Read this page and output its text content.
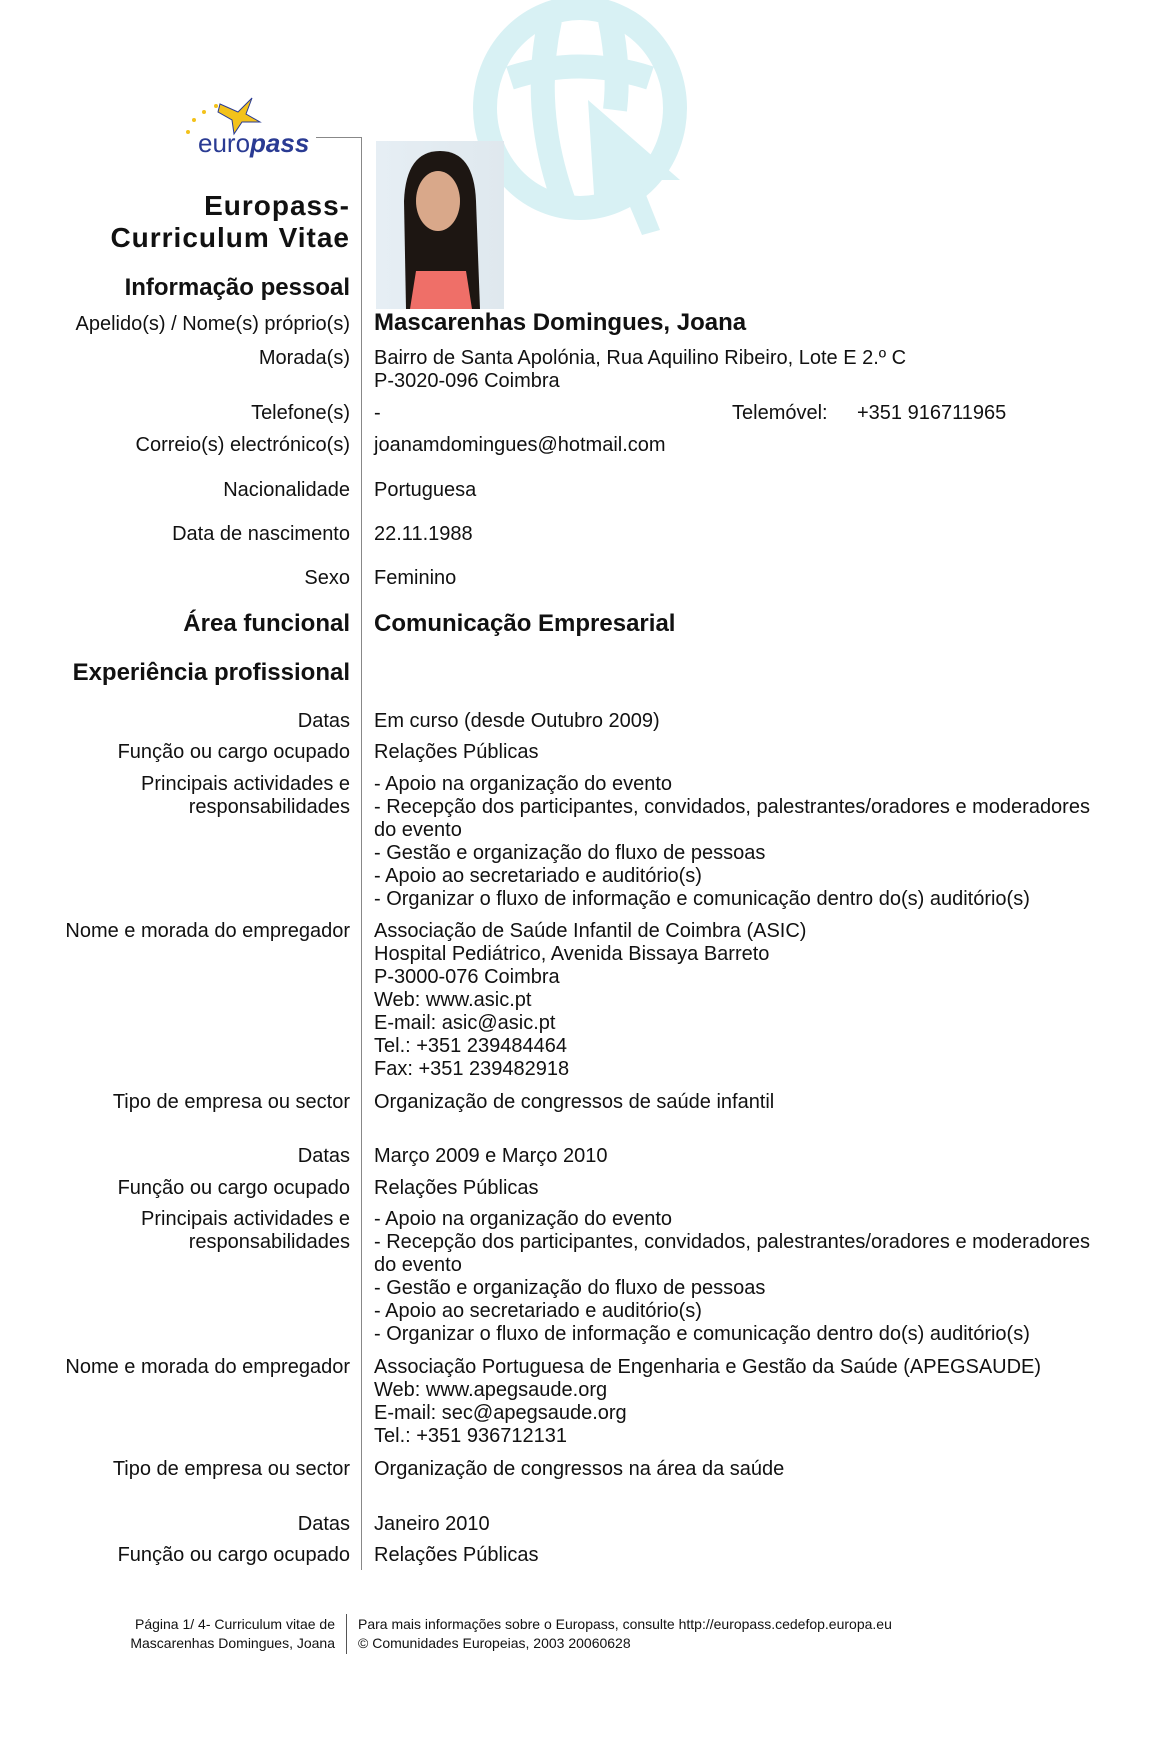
europass
Europass-
Curriculum Vitae
Informação pessoal
Apelido(s) / Nome(s) próprio(s) Mascarenhas Domingues, Joana
Morada(s) Bairro de Santa Apolónia, Rua Aquilino Ribeiro, Lote E 2.º C
P-3020-096 Coimbra
Telefone(s) -	Telemóvel: +351 916711965
Correio(s) electrónico(s) joanamdomingues@hotmail.com
Nacionalidade Portuguesa
Data de nascimento 22.11.1988
Sexo Feminino
Área funcional Comunicação Empresarial
Experiência profissional
Datas Em curso (desde Outubro 2009)
Função ou cargo ocupado Relações Públicas
Principais actividades e
responsabilidades
- Apoio na organização do evento
- Recepção dos participantes, convidados, palestrantes/oradores e moderadores
do evento
- Gestão e organização do fluxo de pessoas
- Apoio ao secretariado e auditório(s)
- Organizar o fluxo de informação e comunicação dentro do(s) auditório(s)
Nome e morada do empregador Associação de Saúde Infantil de Coimbra (ASIC)
Hospital Pediátrico, Avenida Bissaya Barreto
P-3000-076 Coimbra
Web: www.asic.pt
E-mail: asic@asic.pt
Tel.: +351 239484464
Fax: +351 239482918
Tipo de empresa ou sector Organização de congressos de saúde infantil
Datas Março 2009 e Março 2010
Função ou cargo ocupado Relações Públicas
Principais actividades e
responsabilidades
- Apoio na organização do evento
- Recepção dos participantes, convidados, palestrantes/oradores e moderadores
do evento
- Gestão e organização do fluxo de pessoas
- Apoio ao secretariado e auditório(s)
- Organizar o fluxo de informação e comunicação dentro do(s) auditório(s)
Nome e morada do empregador Associação Portuguesa de Engenharia e Gestão da Saúde (APEGSAUDE)
Web: www.apegsaude.org
E-mail: sec@apegsaude.org
Tel.: +351 936712131
Tipo de empresa ou sector Organização de congressos na área da saúde
Datas Janeiro 2010
Função ou cargo ocupado Relações Públicas
Página 1/ 4- Curriculum vitae de
Mascarenhas Domingues, Joana
Para mais informações sobre o Europass, consulte http://europass.cedefop.europa.eu
© Comunidades Europeias, 2003 20060628
